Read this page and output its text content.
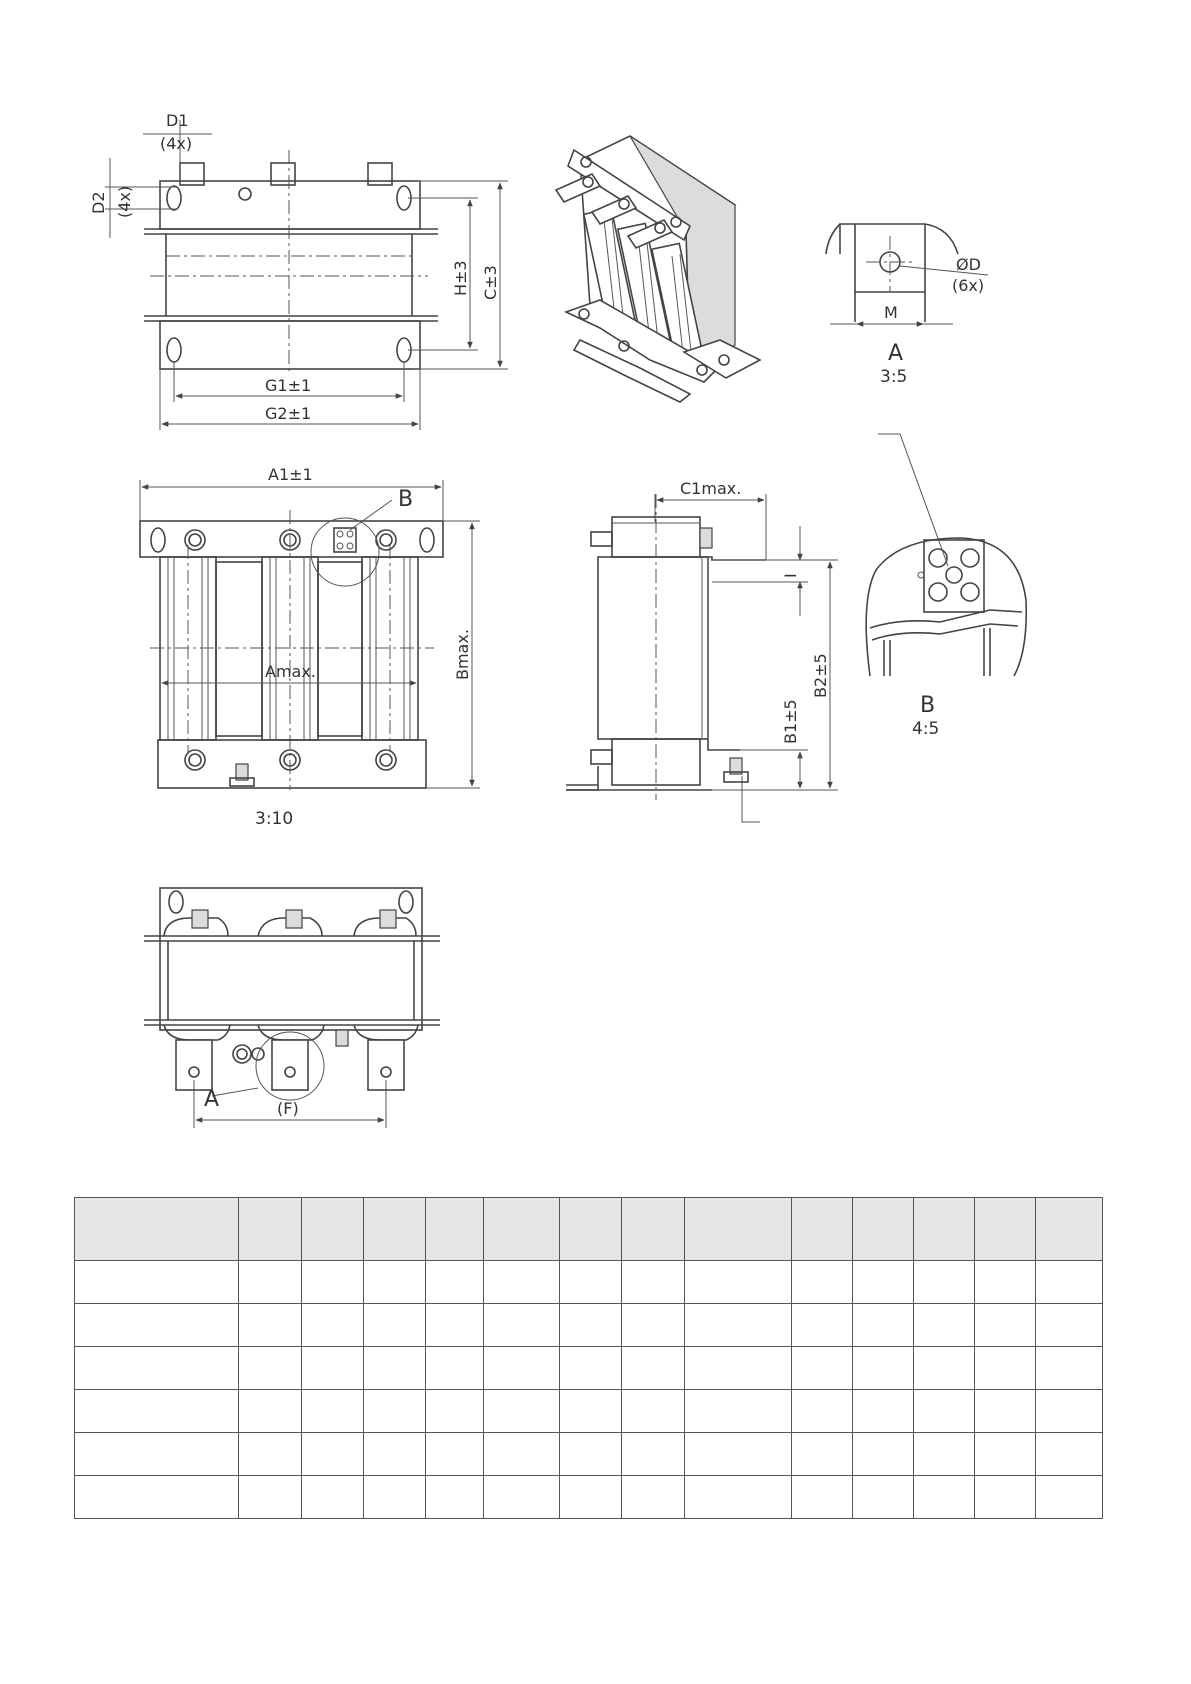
D1
(4x)
D2 (4x)
H±3 C±3
G1±1
G2±1
ØD
(6x)
M
A
3:5
A1±1
B
Amax.	Bmax.
3:10
C1max.
I
B1±5
B2±5
B
4:5
A	(F)
